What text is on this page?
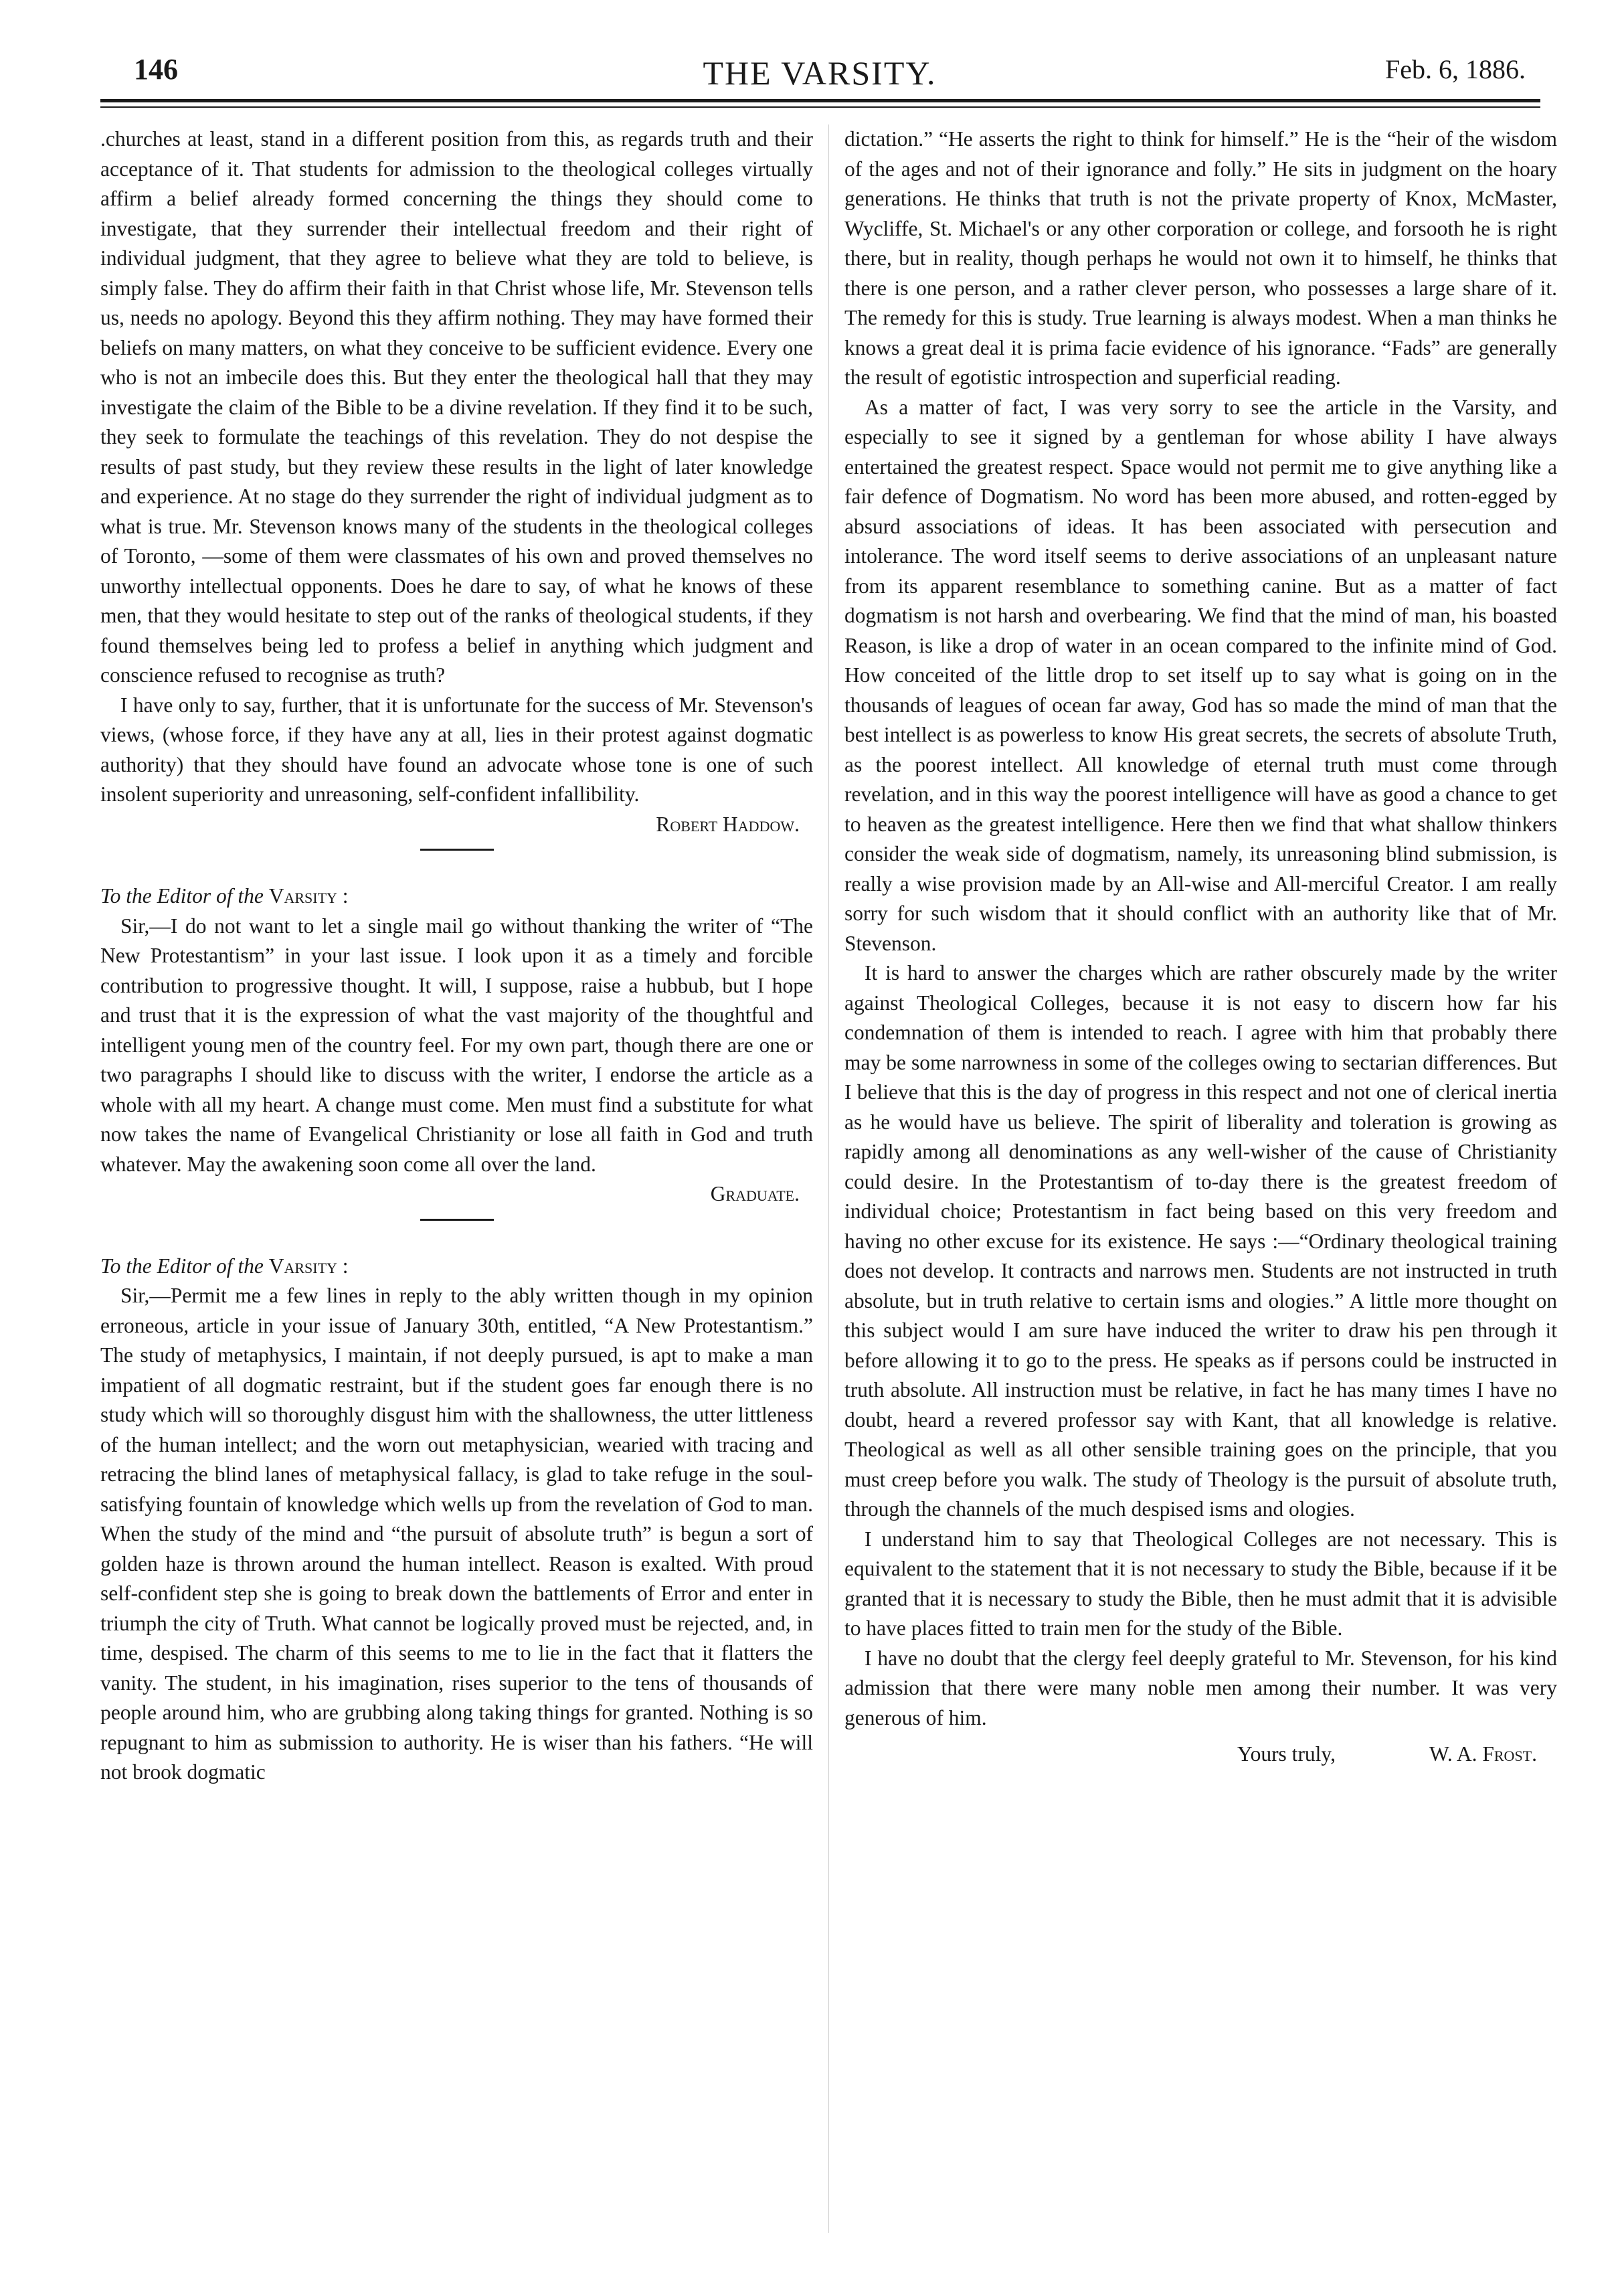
146	THE VARSITY.	Feb. 6, 1886.

.churches at least, stand in a different position from this, as regards truth and their acceptance of it. That students for admission to the theological colleges virtually affirm a belief already formed concerning the things they should come to investigate, that they surrender their intellectual freedom and their right of individual judgment, that they agree to believe what they are told to believe, is simply false. They do affirm their faith in that Christ whose life, Mr. Stevenson tells us, needs no apology. Beyond this they affirm nothing. They may have formed their beliefs on many matters, on what they conceive to be sufficient evidence. Every one who is not an imbecile does this. But they enter the theological hall that they may investigate the claim of the Bible to be a divine revelation. If they find it to be such, they seek to formulate the teachings of this revelation. They do not despise the results of past study, but they review these results in the light of later knowledge and experience. At no stage do they surrender the right of individual judgment as to what is true. Mr. Stevenson knows many of the students in the theological colleges of Toronto, —some of them were classmates of his own and proved themselves no unworthy intellectual opponents. Does he dare to say, of what he knows of these men, that they would hesitate to step out of the ranks of theological students, if they found themselves being led to profess a belief in anything which judgment and conscience refused to recognise as truth?

I have only to say, further, that it is unfortunate for the success of Mr. Stevenson's views, (whose force, if they have any at all, lies in their protest against dogmatic authority) that they should have found an advocate whose tone is one of such insolent superiority and unreasoning, self-confident infallibility.

Robert Haddow.

To the Editor of the Varsity :

Sir,—I do not want to let a single mail go without thanking the writer of “The New Protestantism” in your last issue. I look upon it as a timely and forcible contribution to progressive thought. It will, I suppose, raise a hubbub, but I hope and trust that it is the expression of what the vast majority of the thoughtful and intelligent young men of the country feel. For my own part, though there are one or two paragraphs I should like to discuss with the writer, I endorse the article as a whole with all my heart. A change must come. Men must find a substitute for what now takes the name of Evangelical Christianity or lose all faith in God and truth whatever. May the awakening soon come all over the land.

Graduate.

To the Editor of the Varsity :

Sir,—Permit me a few lines in reply to the ably written though in my opinion erroneous, article in your issue of January 30th, entitled, “A New Protestantism.” The study of metaphysics, I maintain, if not deeply pursued, is apt to make a man impatient of all dogmatic restraint, but if the student goes far enough there is no study which will so thoroughly disgust him with the shallowness, the utter littleness of the human intellect; and the worn out metaphysician, wearied with tracing and retracing the blind lanes of metaphysical fallacy, is glad to take refuge in the soul-satisfying fountain of knowledge which wells up from the revelation of God to man. When the study of the mind and “the pursuit of absolute truth” is begun a sort of golden haze is thrown around the human intellect. Reason is exalted. With proud self-confident step she is going to break down the battlements of Error and enter in triumph the city of Truth. What cannot be logically proved must be rejected, and, in time, despised. The charm of this seems to me to lie in the fact that it flatters the vanity. The student, in his imagination, rises superior to the tens of thousands of people around him, who are grubbing along taking things for granted. Nothing is so repugnant to him as submission to authority. He is wiser than his fathers. “He will not brook dogmatic

dictation.” “He asserts the right to think for himself.” He is the “heir of the wisdom of the ages and not of their ignorance and folly.” He sits in judgment on the hoary generations. He thinks that truth is not the private property of Knox, McMaster, Wycliffe, St. Michael's or any other corporation or college, and forsooth he is right there, but in reality, though perhaps he would not own it to himself, he thinks that there is one person, and a rather clever person, who possesses a large share of it. The remedy for this is study. True learning is always modest. When a man thinks he knows a great deal it is prima facie evidence of his ignorance. “Fads” are generally the result of egotistic introspection and superficial reading.

As a matter of fact, I was very sorry to see the article in the Varsity, and especially to see it signed by a gentleman for whose ability I have always entertained the greatest respect. Space would not permit me to give anything like a fair defence of Dogmatism. No word has been more abused, and rotten-egged by absurd associations of ideas. It has been associated with persecution and intolerance. The word itself seems to derive associations of an unpleasant nature from its apparent resemblance to something canine. But as a matter of fact dogmatism is not harsh and overbearing. We find that the mind of man, his boasted Reason, is like a drop of water in an ocean compared to the infinite mind of God. How conceited of the little drop to set itself up to say what is going on in the thousands of leagues of ocean far away, God has so made the mind of man that the best intellect is as powerless to know His great secrets, the secrets of absolute Truth, as the poorest intellect. All knowledge of eternal truth must come through revelation, and in this way the poorest intelligence will have as good a chance to get to heaven as the greatest intelligence. Here then we find that what shallow thinkers consider the weak side of dogmatism, namely, its unreasoning blind submission, is really a wise provision made by an All-wise and All-merciful Creator. I am really sorry for such wisdom that it should conflict with an authority like that of Mr. Stevenson.

It is hard to answer the charges which are rather obscurely made by the writer against Theological Colleges, because it is not easy to discern how far his condemnation of them is intended to reach. I agree with him that probably there may be some narrowness in some of the colleges owing to sectarian differences. But I believe that this is the day of progress in this respect and not one of clerical inertia as he would have us believe. The spirit of liberality and toleration is growing as rapidly among all denominations as any well-wisher of the cause of Christianity could desire. In the Protestantism of to-day there is the greatest freedom of individual choice; Protestantism in fact being based on this very freedom and having no other excuse for its existence. He says :—“Ordinary theological training does not develop. It contracts and narrows men. Students are not instructed in truth absolute, but in truth relative to certain isms and ologies.” A little more thought on this subject would I am sure have induced the writer to draw his pen through it before allowing it to go to the press. He speaks as if persons could be instructed in truth absolute. All instruction must be relative, in fact he has many times I have no doubt, heard a revered professor say with Kant, that all knowledge is relative. Theological as well as all other sensible training goes on the principle, that you must creep before you walk. The study of Theology is the pursuit of absolute truth, through the channels of the much despised isms and ologies.

I understand him to say that Theological Colleges are not necessary. This is equivalent to the statement that it is not necessary to study the Bible, because if it be granted that it is necessary to study the Bible, then he must admit that it is advisible to have places fitted to train men for the study of the Bible.

I have no doubt that the clergy feel deeply grateful to Mr. Stevenson, for his kind admission that there were many noble men among their number. It was very generous of him.

Yours truly,	W. A. Frost.
